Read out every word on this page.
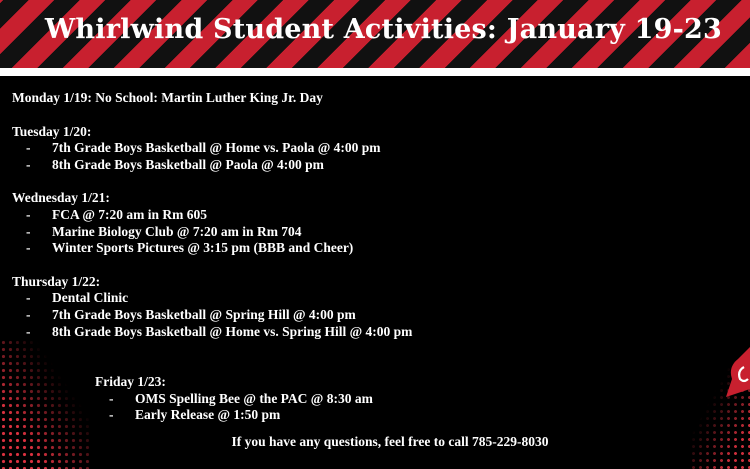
Whirlwind Student Activities: January 19-23

Monday 1/19: No School: Martin Luther King Jr. Day

Tuesday 1/20:

- 7th Grade Boys Basketball @ Home vs. Paola @ 4:00 pm
- 8th Grade Boys Basketball @ Paola @ 4:00 pm

Wednesday 1/21:

- FCA @ 7:20 am in Rm 605
- Marine Biology Club @ 7:20 am in Rm 704
- Winter Sports Pictures @ 3:15 pm (BBB and Cheer)

Thursday 1/22:

- Dental Clinic
- 7th Grade Boys Basketball @ Spring Hill @ 4:00 pm
- 8th Grade Boys Basketball @ Home vs. Spring Hill @ 4:00 pm

Friday 1/23:

- OMS Spelling Bee @ the PAC @ 8:30 am
- Early Release @ 1:50 pm

If you have any questions, feel free to call 785-229-8030
